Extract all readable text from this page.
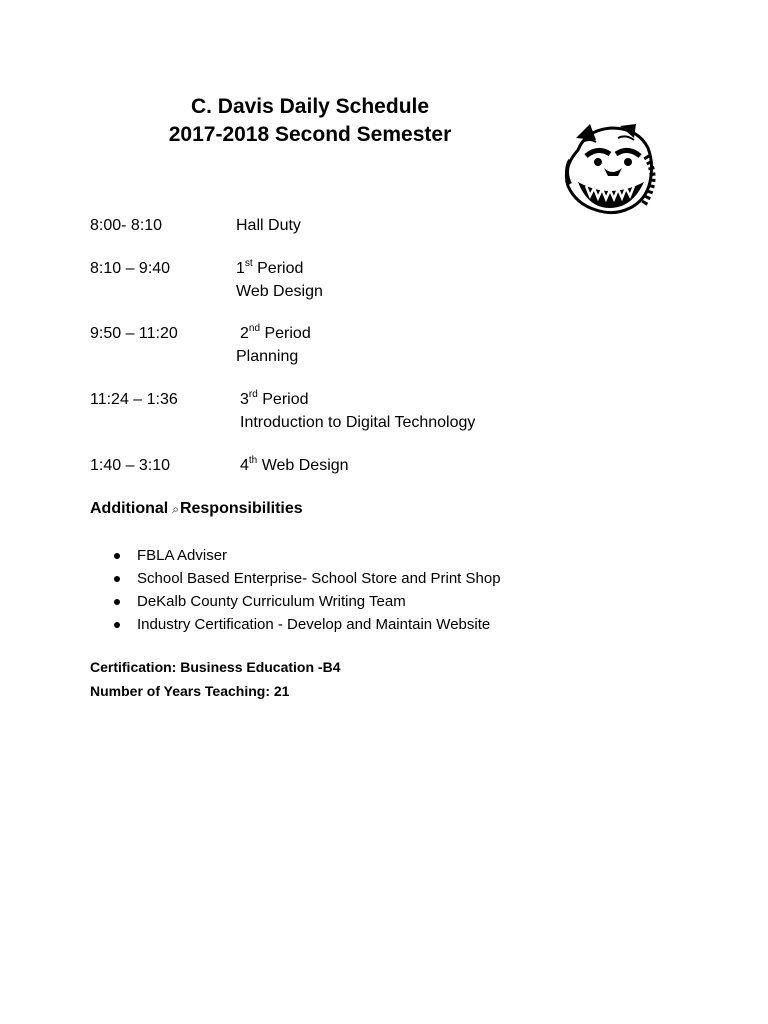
C. Davis Daily Schedule
2017-2018 Second Semester
8:00- 8:10	Hall Duty
8:10 – 9:40	1st Period
Web Design
9:50 – 11:20	2nd Period
Planning
11:24 – 1:36	3rd Period
Introduction to Digital Technology
1:40 – 3:10	4th Web Design
Additional ⌕Responsibilities
FBLA Adviser
School Based Enterprise- School Store and Print Shop
DeKalb County Curriculum Writing Team
Industry Certification - Develop and Maintain Website
Certification: Business Education -B4
Number of Years Teaching: 21
